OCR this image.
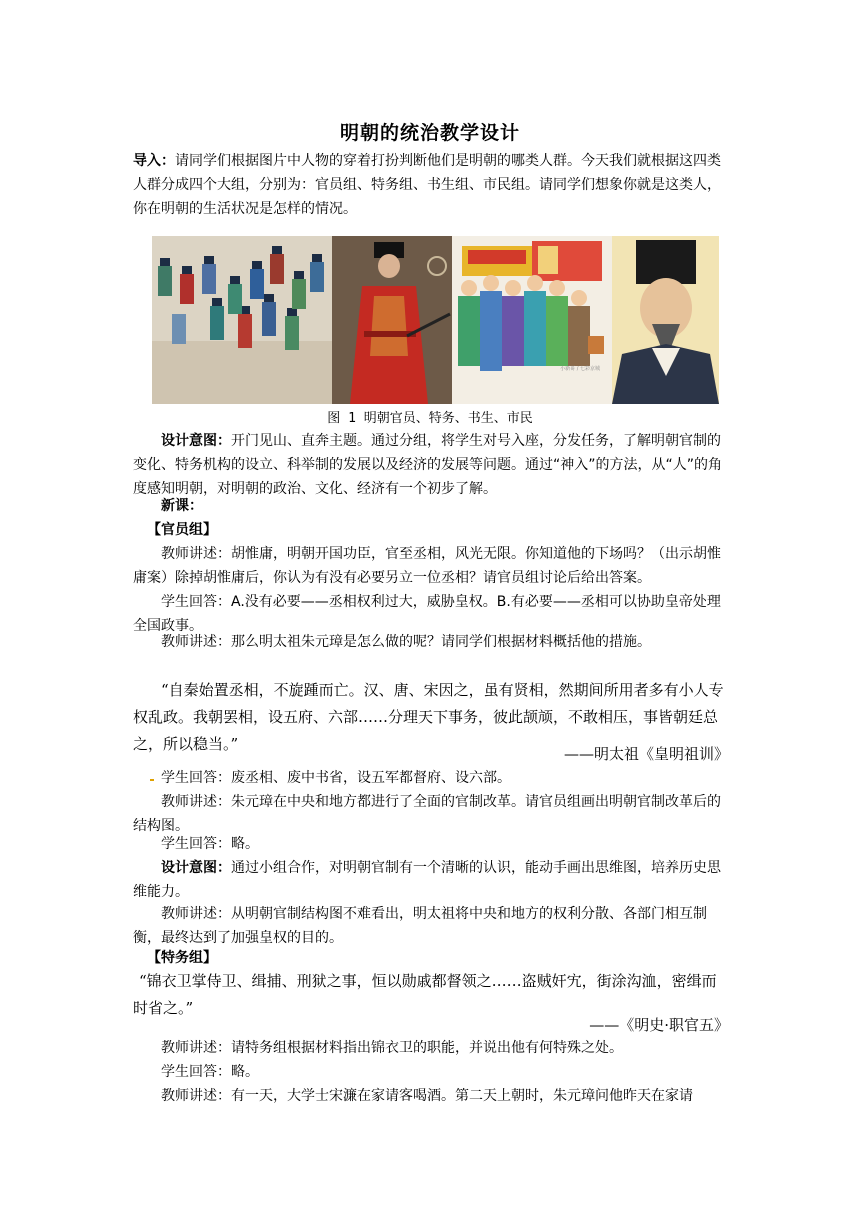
明朝的统治教学设计

导入：请同学们根据图片中人物的穿着打扮判断他们是明朝的哪类人群。今天我们就根据这四类人群分成四个大组，分别为：官员组、特务组、书生组、市民组。请同学们想象你就是这类人，你在明朝的生活状况是怎样的情况。

小新哥 / 七彩京城
图 1 明朝官员、特务、书生、市民

设计意图：开门见山、直奔主题。通过分组，将学生对号入座，分发任务，了解明朝官制的变化、特务机构的设立、科举制的发展以及经济的发展等问题。通过“神入”的方法，从“人”的角度感知明朝，对明朝的政治、文化、经济有一个初步了解。

新课：

【官员组】

教师讲述：胡惟庸，明朝开国功臣，官至丞相，风光无限。你知道他的下场吗？（出示胡惟庸案）除掉胡惟庸后，你认为有没有必要另立一位丞相？请官员组讨论后给出答案。

学生回答：A.没有必要——丞相权利过大，威胁皇权。B.有必要——丞相可以协助皇帝处理全国政事。

教师讲述：那么明太祖朱元璋是怎么做的呢？请同学们根据材料概括他的措施。

“自秦始置丞相，不旋踵而亡。汉、唐、宋因之，虽有贤相，然期间所用者多有小人专权乱政。我朝罢相，设五府、六部……分理天下事务，彼此颉颃，不敢相压，事皆朝廷总之，所以稳当。”

——明太祖《皇明祖训》

学生回答：废丞相、废中书省，设五军都督府、设六部。

教师讲述：朱元璋在中央和地方都进行了全面的官制改革。请官员组画出明朝官制改革后的结构图。

学生回答：略。

设计意图：通过小组合作，对明朝官制有一个清晰的认识，能动手画出思维图，培养历史思维能力。

教师讲述：从明朝官制结构图不难看出，明太祖将中央和地方的权利分散、各部门相互制衡，最终达到了加强皇权的目的。

【特务组】

“锦衣卫掌侍卫、缉捕、刑狱之事，恒以勋戚都督领之……盗贼奸宄，街涂沟洫，密缉而时省之。”

——《明史·职官五》

教师讲述：请特务组根据材料指出锦衣卫的职能，并说出他有何特殊之处。

学生回答：略。

教师讲述：有一天，大学士宋濂在家请客喝酒。第二天上朝时，朱元璋问他昨天在家请
